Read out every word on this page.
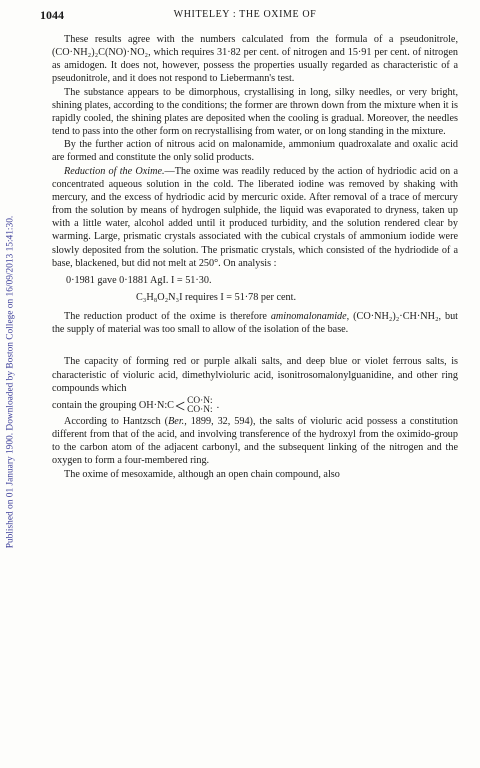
Published on 01 January 1900. Downloaded by Boston College on 16/09/2013 15:41:30.
1044	WHITELEY : THE OXIME OF

These results agree with the numbers calculated from the formula of a pseudonitrole, (CO·NH₂)₂C(NO)·NO₂, which requires 31·82 per cent. of nitrogen and 15·91 per cent. of nitrogen as amidogen. It does not, however, possess the properties usually regarded as characteristic of a pseudonitrole, and it does not respond to Liebermann's test.

The substance appears to be dimorphous, crystallising in long, silky needles, or very bright, shining plates, according to the conditions; the former are thrown down from the mixture when it is rapidly cooled, the shining plates are deposited when the cooling is gradual. Moreover, the needles tend to pass into the other form on recrystallising from water, or on long standing in the mixture.

By the further action of nitrous acid on malonamide, ammonium quadroxalate and oxalic acid are formed and constitute the only solid products.

Reduction of the Oxime.—The oxime was readily reduced by the action of hydriodic acid on a concentrated aqueous solution in the cold. The liberated iodine was removed by shaking with mercury, and the excess of hydriodic acid by mercuric oxide. After removal of a trace of mercury from the solution by means of hydrogen sulphide, the liquid was evaporated to dryness, taken up with a little water, alcohol added until it produced turbidity, and the solution rendered clear by warming. Large, prismatic crystals associated with the cubical crystals of ammonium iodide were slowly deposited from the solution. The prismatic crystals, which consisted of the hydriodide of a base, blackened, but did not melt at 250°. On analysis :

0·1981 gave 0·1881 AgI. I = 51·30.
C₃H₈O₂N₃I requires I = 51·78 per cent.

The reduction product of the oxime is therefore aminomalonamide, (CO·NH₂)₂·CH·NH₂, but the supply of material was too small to allow of the isolation of the base.

The capacity of forming red or purple alkali salts, and deep blue or violet ferrous salts, is characteristic of violuric acid, dimethylvioluric acid, isonitrosomalonylguanidine, and other ring compounds which

contain the grouping OH·N:C < CO·N:
CO·N: .

According to Hantzsch (Ber., 1899, 32, 594), the salts of violuric acid possess a constitution different from that of the acid, and involving transference of the hydroxyl from the oximido-group to the carbon atom of the adjacent carbonyl, and the subsequent linking of the nitrogen and the oxygen to form a four-membered ring.

The oxime of mesoxamide, although an open chain compound, also
